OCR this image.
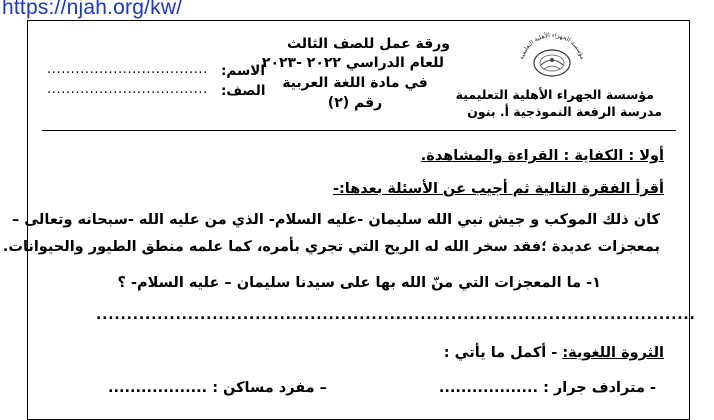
https://njah.org/kw/
مؤسسة الجهراء الأهلية التعليمية
مؤسسة الجهراء الأهلية التعليمية
مدرسة الرفعة النموذجية أ. بنون
ورقة عمل للصف الثالث
للعام الدراسي ٢٠٢٢ -٢٠٢٣
في مادة اللغة العربية
رقم (٢)
الاسم:
..................................
الصف:
..................................
أولا : الكفاية : القراءة والمشاهدة.
أقرأ الفقرة التالية ثم أجيب عن الأسئلة بعدها:-
كان ذلك الموكب و جيش نبي الله سليمان -عليه السلام- الذي من عليه الله -سبحانه وتعالى –
بمعجزات عديدة ؛فقد سخر الله له الريح التي تجري بأمره، كما علمه منطق الطيور والحيوانات.
١- ما المعجزات التي منّ الله بها على سيدنا سليمان – عليه السلام- ؟
..................................................................................................
الثروة اللغوية: - أكمل ما يأتي :
- مترادف جرار : ..................
– مفرد مساكن : ..................
